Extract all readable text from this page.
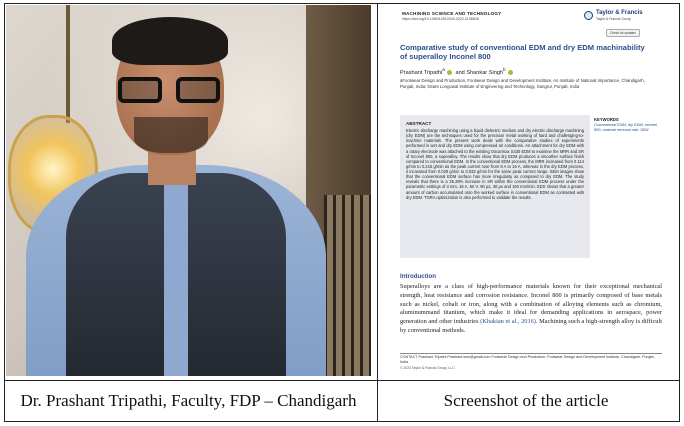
MACHINING SCIENCE AND TECHNOLOGY
https://doi.org/10.1080/10910344.2022.2138628
Taylor & Francis
Taylor & Francis Group
Check for updates
Comparative study of conventional EDM and dry EDM machinability of superalloy Inconel 800
Prashant Tripathi$^a$ and Shankar Singh$^b$
aFootwear Design and Production, Footwear Design and Development Institute, An Institute of National Importance, Chandigarh, Punjab, India; bSant Longowal Institute of Engineering and Technology, Sangrur, Punjab, India
ABSTRACT
Electric discharge machining using a liquid dielectric medium and dry electric discharge machining (dry EDM) are the techniques used for the precision metal working of hard and challenging-to-machine materials. The present work deals with the comparative studies of experiments performed in wet and dry EDM using compressed air conditions. An attachment for dry EDM with a rotary electrode was attached to the existing Oscarmax S430 EDM to examine the MRR and SR of Inconel 800, a superalloy. The results show that dry EDM produces a smoother surface finish compared to conventional EDM. In the conventional EDM process, the MRR increased from 0.114 g/min to 0.216 g/min as the peak current rose from 8 A to 16 A, whereas in the dry EDM process, it increased from 0.028 g/min to 0.033 g/min for the same peak current range. SEM images show that the conventional EDM surface has more irregularity as compared to dry EDM. The study reveals that there is a 25.28% increase in SR within the conventional EDM process under the parametric settings of 3 mm, 16 A, 50 V, 90 µs, 30 µs and 160 mm/min. EDS shows that a greater amount of carbon accumulated onto the worked surface in conventional EDM as contrasted with dry EDM. TGRA optimization is also performed to validate the results.
KEYWORDS
Conventional EDM; dry EDM; Inconel 800; material removal rate; SEM
Introduction
Superalloys are a class of high-performance materials known for their exceptional mechanical strength, heat resistance and corrosion resistance. Inconel 800 is primarily composed of base metals such as nickel, cobalt or iron, along with a combination of alloying elements such as chromium, aluminummand titanium, which make it ideal for demanding applications in aerospace, power generation and other industries (Khakian et al., 2016). Machining such a high-strength alloy is difficult by conventional methods.
CONTACT Prashant Tripathi Prashant.ssm@gmail.com Footwear Design and Production, Footwear Design and Development Institute, Chandigarh, Punjab, India
© 2023 Taylor & Francis Group, LLC
Dr. Prashant Tripathi, Faculty, FDP – Chandigarh	Screenshot of the article
